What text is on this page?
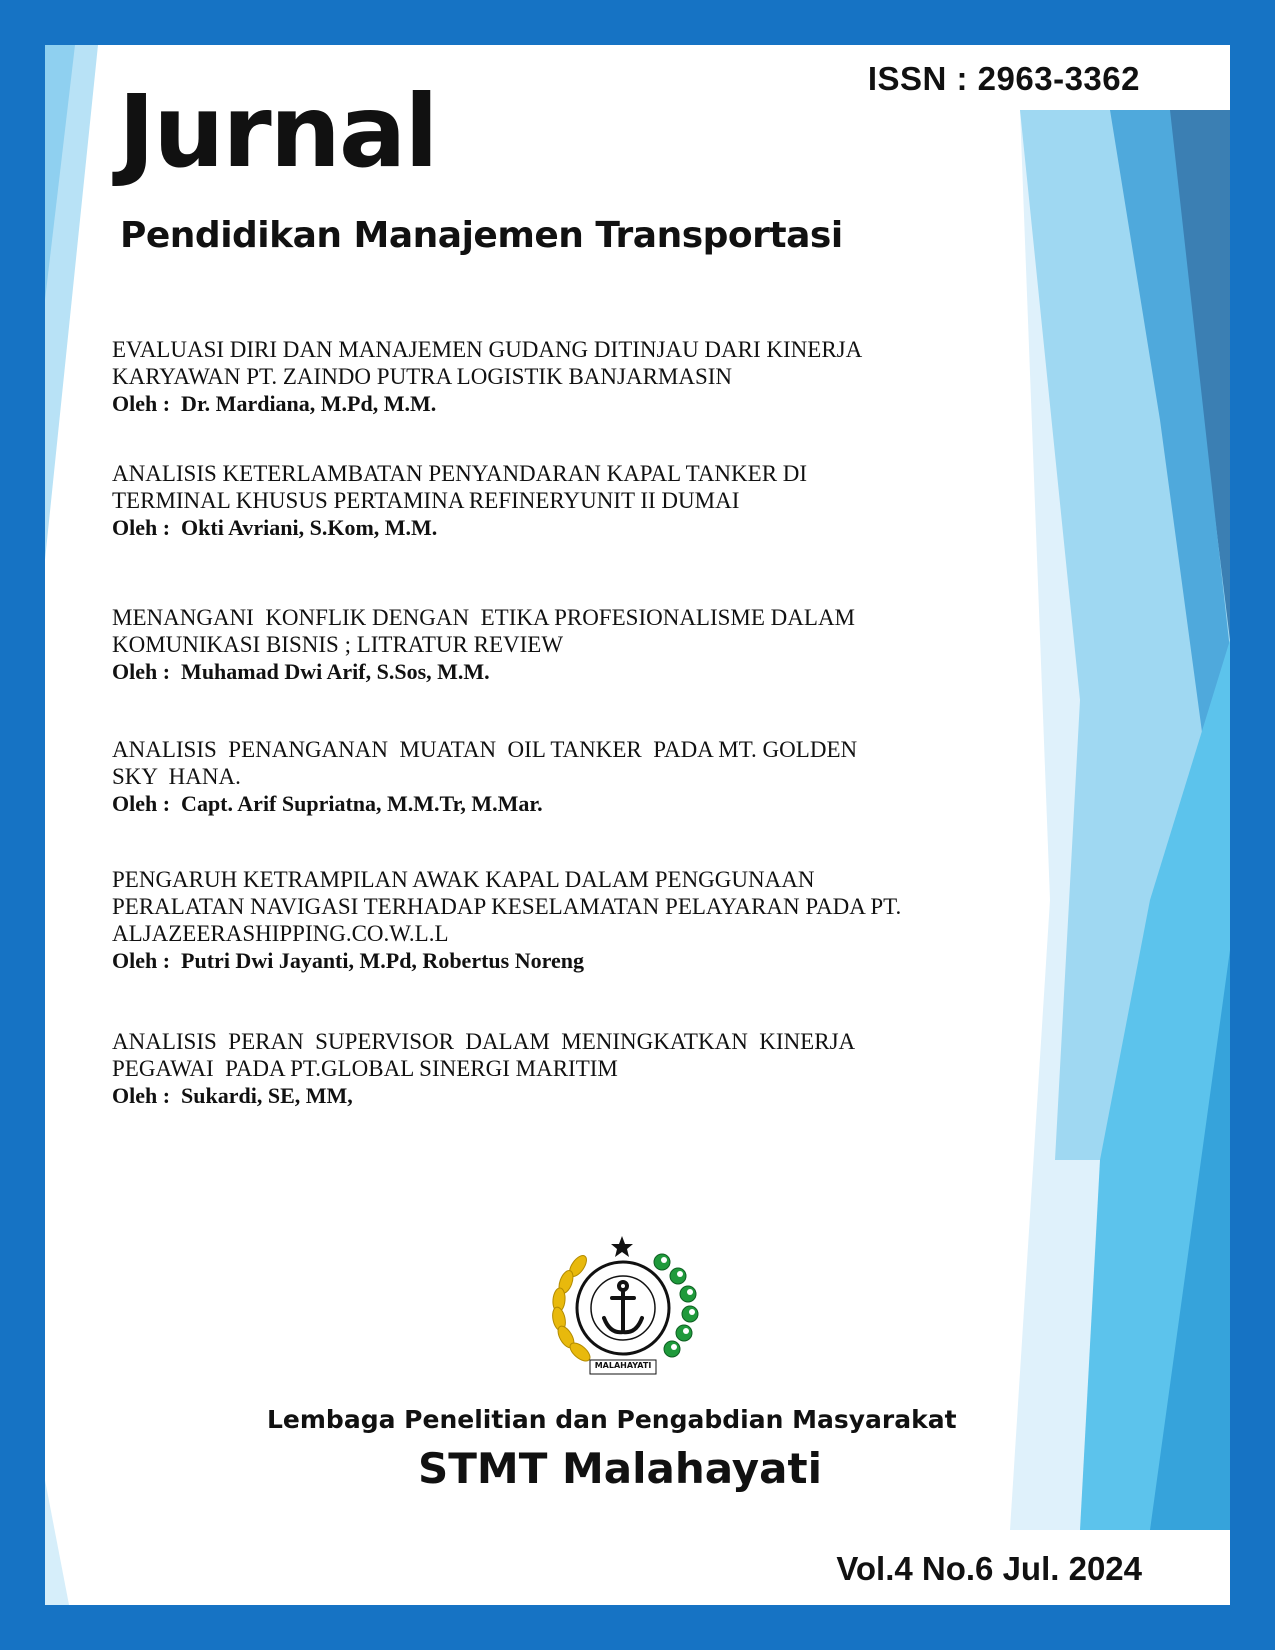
ISSN : 2963-3362
Jurnal
Pendidikan Manajemen Transportasi
EVALUASI DIRI DAN MANAJEMEN GUDANG DITINJAU DARI KINERJA
KARYAWAN PT. ZAINDO PUTRA LOGISTIK BANJARMASIN
Oleh :  Dr. Mardiana, M.Pd, M.M.
ANALISIS KETERLAMBATAN PENYANDARAN KAPAL TANKER DI
TERMINAL KHUSUS PERTAMINA REFINERYUNIT II DUMAI
Oleh :  Okti Avriani, S.Kom, M.M.
MENANGANI  KONFLIK DENGAN  ETIKA PROFESIONALISME DALAM
KOMUNIKASI BISNIS ; LITRATUR REVIEW
Oleh :  Muhamad Dwi Arif, S.Sos, M.M.
ANALISIS  PENANGANAN  MUATAN  OIL TANKER  PADA MT. GOLDEN
SKY  HANA.
Oleh :  Capt. Arif Supriatna, M.M.Tr, M.Mar.
PENGARUH KETRAMPILAN AWAK KAPAL DALAM PENGGUNAAN
PERALATAN NAVIGASI TERHADAP KESELAMATAN PELAYARAN PADA PT.
ALJAZEERASHIPPING.CO.W.L.L
Oleh :  Putri Dwi Jayanti, M.Pd, Robertus Noreng
ANALISIS  PERAN  SUPERVISOR  DALAM  MENINGKATKAN  KINERJA
PEGAWAI  PADA PT.GLOBAL SINERGI MARITIM
Oleh :  Sukardi, SE, MM,
MALAHAYATI
Lembaga Penelitian dan Pengabdian Masyarakat
STMT Malahayati
Vol.4 No.6 Jul. 2024
